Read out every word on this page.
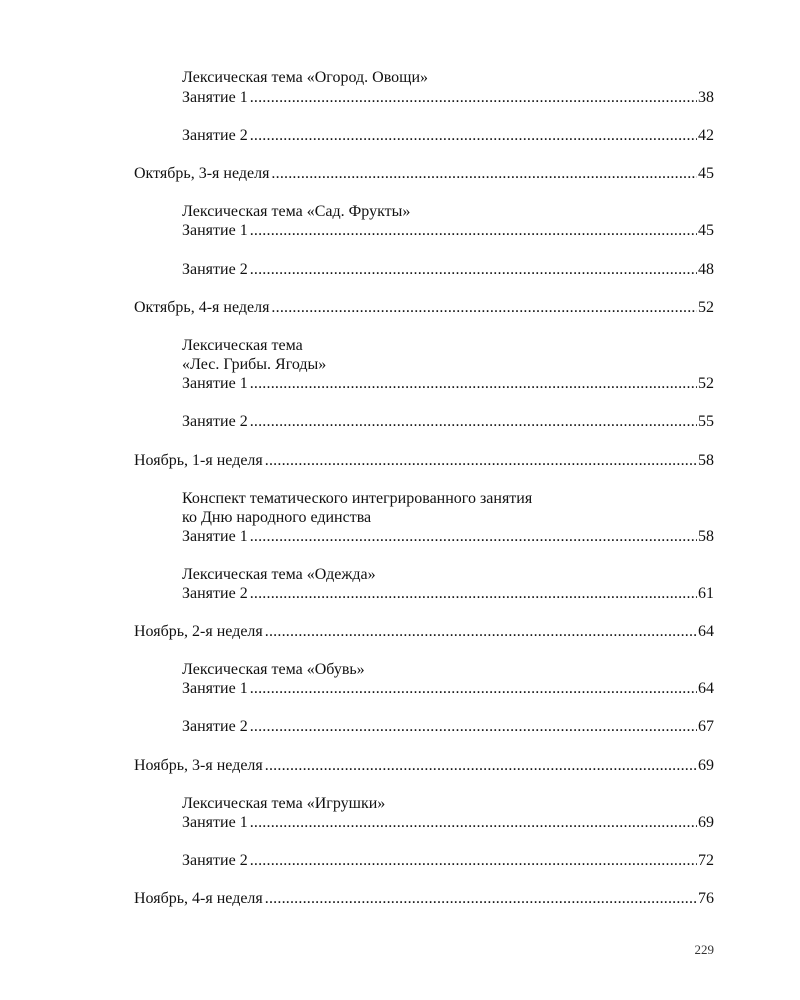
Лексическая тема «Огород. Овощи»
Занятие 1 .....	38
Занятие 2 .....	42
Октябрь, 3-я неделя .....	45
Лексическая тема «Сад. Фрукты»
Занятие 1 .....	45
Занятие 2 .....	48
Октябрь, 4-я неделя .....	52
Лексическая тема
«Лес. Грибы. Ягоды»
Занятие 1 .....	52
Занятие 2 .....	55
Ноябрь, 1-я неделя .....	58
Конспект тематического интегрированного занятия
ко Дню народного единства
Занятие 1 .....	58
Лексическая тема «Одежда»
Занятие 2 .....	61
Ноябрь, 2-я неделя .....	64
Лексическая тема «Обувь»
Занятие 1 .....	64
Занятие 2 .....	67
Ноябрь, 3-я неделя .....	69
Лексическая тема «Игрушки»
Занятие 1 .....	69
Занятие 2 .....	72
Ноябрь, 4-я неделя .....	76
229
